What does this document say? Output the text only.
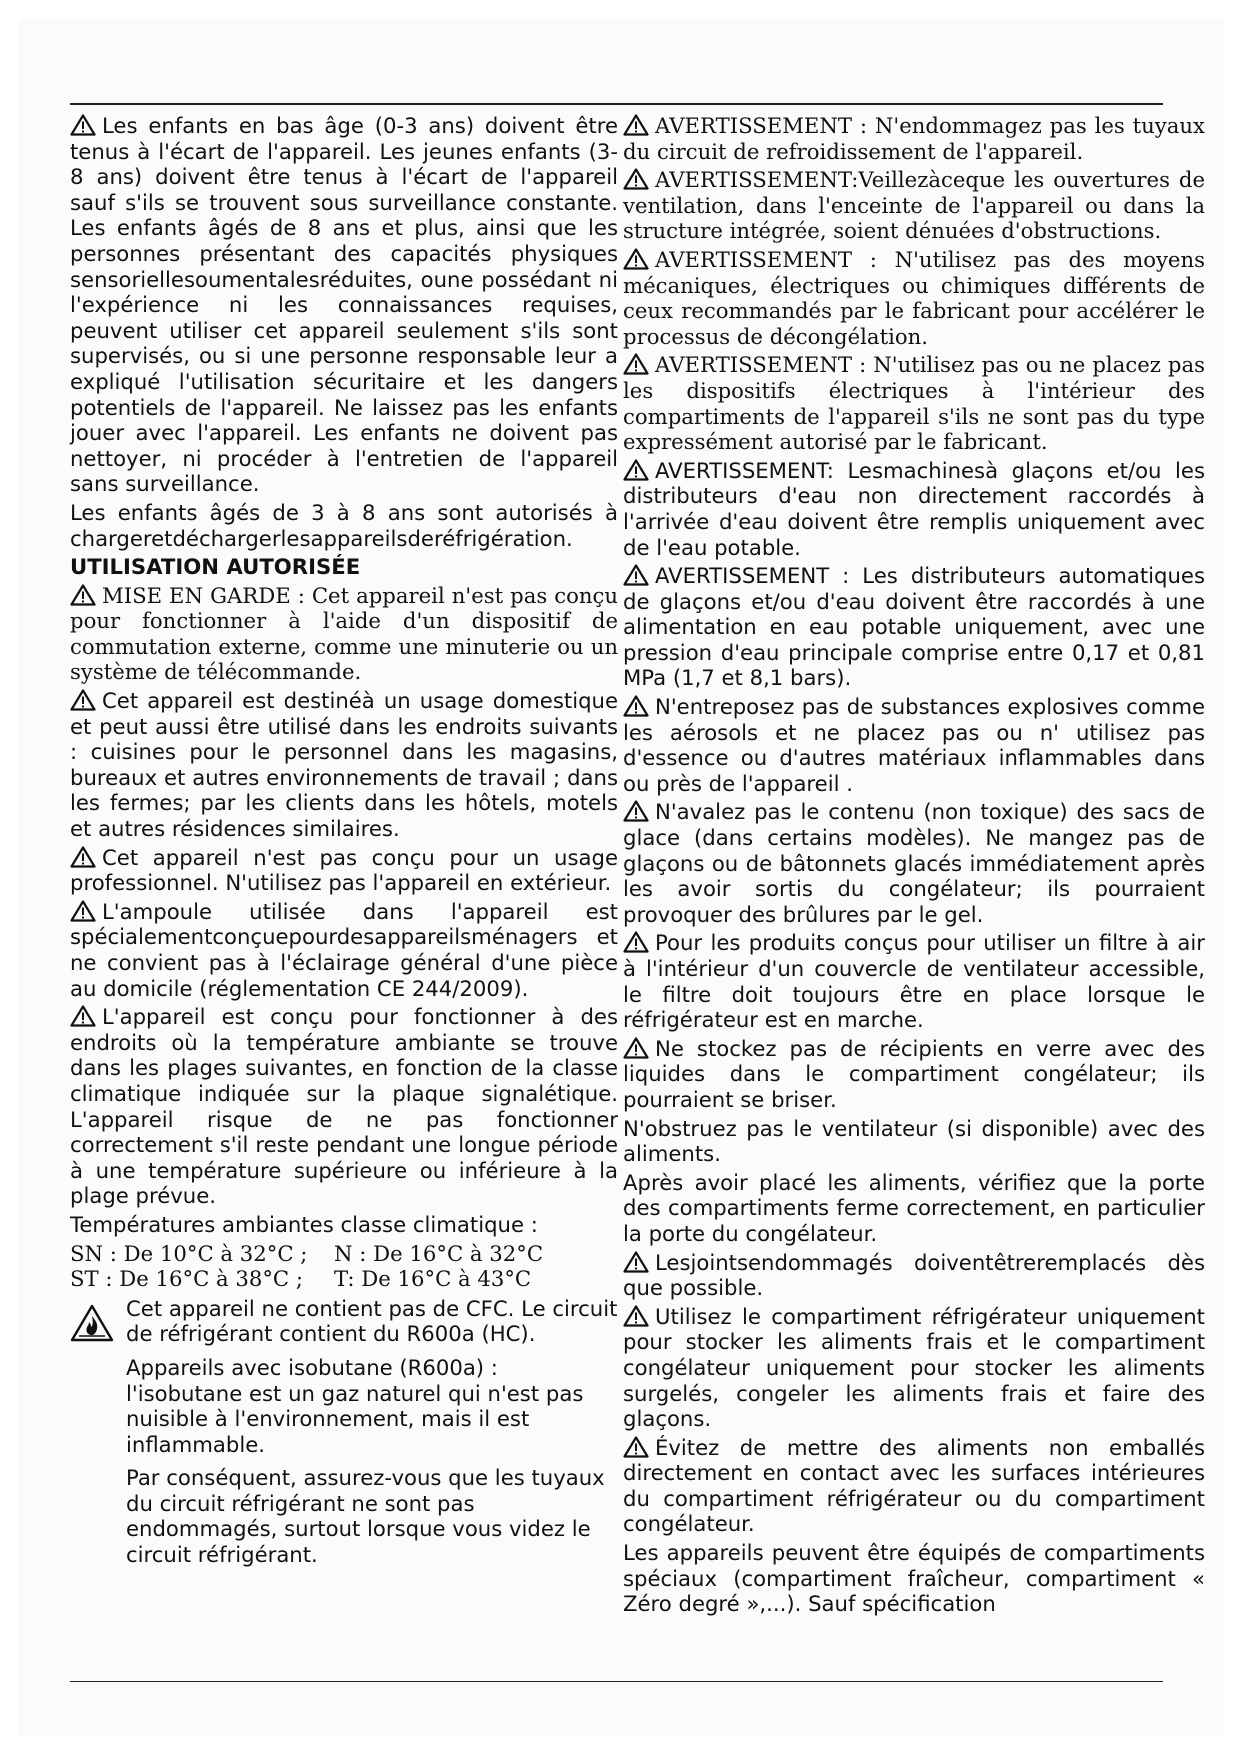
Les enfants en bas âge (0-3 ans) doivent être tenus à l'écart de l'appareil. Les jeunes enfants (3-8 ans) doivent être tenus à l'écart de l'appareil sauf s'ils se trouvent sous surveillance constante. Les enfants âgés de 8 ans et plus, ainsi que les personnes présentant des capacités physiques sensoriellesoumentalesréduites, oune possédant ni l'expérience ni les connaissances requises, peuvent utiliser cet appareil seulement s'ils sont supervisés, ou si une personne responsable leur a expliqué l'utilisation sécuritaire et les dangers potentiels de l'appareil. Ne laissez pas les enfants jouer avec l'appareil. Les enfants ne doivent pas nettoyer, ni procéder à l'entretien de l'appareil sans surveillance.

Les enfants âgés de 3 à 8 ans sont autorisés à chargeretdéchargerlesappareilsderéfrigération.

UTILISATION AUTORISÉE

MISE EN GARDE : Cet appareil n'est pas conçu pour fonctionner à l'aide d'un dispositif de commutation externe, comme une minuterie ou un système de télécommande.

Cet appareil est destinéà un usage domestique et peut aussi être utilisé dans les endroits suivants : cuisines pour le personnel dans les magasins, bureaux et autres environnements de travail ; dans les fermes; par les clients dans les hôtels, motels et autres résidences similaires.

Cet appareil n'est pas conçu pour un usage professionnel. N'utilisez pas l'appareil en extérieur.

L'ampoule utilisée dans l'appareil est spécialementconçuepourdesappareilsménagers et ne convient pas à l'éclairage général d'une pièce au domicile (réglementation CE 244/2009).

L'appareil est conçu pour fonctionner à des endroits où la température ambiante se trouve dans les plages suivantes, en fonction de la classe climatique indiquée sur la plaque signalétique. L'appareil risque de ne pas fonctionner correctement s'il reste pendant une longue période à une température supérieure ou inférieure à la plage prévue.

Températures ambiantes classe climatique :

SN : De 10°C à 32°C ; N : De 16°C à 32°C

ST : De 16°C à 38°C ; T: De 16°C à 43°C

Cet appareil ne contient pas de CFC. Le circuit de réfrigérant contient du R600a (HC).

Appareils avec isobutane (R600a) : l'isobutane est un gaz naturel qui n'est pas nuisible à l'environnement, mais il est inflammable.

Par conséquent, assurez-vous que les tuyaux du circuit réfrigérant ne sont pas endommagés, surtout lorsque vous videz le circuit réfrigérant.

AVERTISSEMENT : N'endommagez pas les tuyaux du circuit de refroidissement de l'appareil.

AVERTISSEMENT:Veillezàceque les ouvertures de ventilation, dans l'enceinte de l'appareil ou dans la structure intégrée, soient dénuées d'obstructions.

AVERTISSEMENT : N'utilisez pas des moyens mécaniques, électriques ou chimiques différents de ceux recommandés par le fabricant pour accélérer le processus de décongélation.

AVERTISSEMENT : N'utilisez pas ou ne placez pas les dispositifs électriques à l'intérieur des compartiments de l'appareil s'ils ne sont pas du type expressément autorisé par le fabricant.

AVERTISSEMENT: Lesmachinesà glaçons et/ou les distributeurs d'eau non directement raccordés à l'arrivée d'eau doivent être remplis uniquement avec de l'eau potable.

AVERTISSEMENT : Les distributeurs automatiques de glaçons et/ou d'eau doivent être raccordés à une alimentation en eau potable uniquement, avec une pression d'eau principale comprise entre 0,17 et 0,81 MPa (1,7 et 8,1 bars).

N'entreposez pas de substances explosives comme les aérosols et ne placez pas ou n' utilisez pas d'essence ou d'autres matériaux inflammables dans ou près de l'appareil .

N'avalez pas le contenu (non toxique) des sacs de glace (dans certains modèles). Ne mangez pas de glaçons ou de bâtonnets glacés immédiatement après les avoir sortis du congélateur; ils pourraient provoquer des brûlures par le gel.

Pour les produits conçus pour utiliser un filtre à air à l'intérieur d'un couvercle de ventilateur accessible, le filtre doit toujours être en place lorsque le réfrigérateur est en marche.

Ne stockez pas de récipients en verre avec des liquides dans le compartiment congélateur; ils pourraient se briser.

N'obstruez pas le ventilateur (si disponible) avec des aliments.

Après avoir placé les aliments, vérifiez que la porte des compartiments ferme correctement, en particulier la porte du congélateur.

Lesjointsendommagés doiventêtreremplacés dès que possible.

Utilisez le compartiment réfrigérateur uniquement pour stocker les aliments frais et le compartiment congélateur uniquement pour stocker les aliments surgelés, congeler les aliments frais et faire des glaçons.

Évitez de mettre des aliments non emballés directement en contact avec les surfaces intérieures du compartiment réfrigérateur ou du compartiment congélateur.

Les appareils peuvent être équipés de compartiments spéciaux (compartiment fraîcheur, compartiment « Zéro degré »,...). Sauf spécification
